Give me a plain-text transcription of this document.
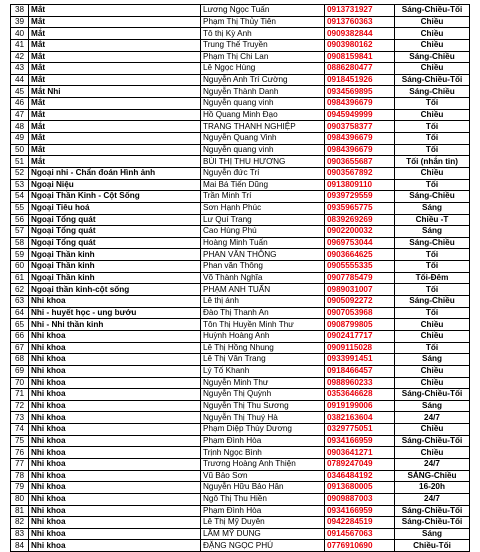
38	Mắt	Lương Ngọc Tuấn	0913731927	Sáng-Chiều-Tối
39	Mắt	Phạm Thị Thủy Tiên	0913760363	Chiều
40	Mắt	Tô thị Kỳ Anh	0909382844	Chiều
41	Mắt	Trung Thế Truyền	0903980162	Chiều
42	Mắt	Phạm Thị Chi Lan	0908159841	Sáng-Chiều
43	Mắt	Lê Ngọc Hùng	0886280477	Chiều
44	Mắt	Nguyễn Anh Trí Cường	0918451926	Sáng-Chiều-Tối
45	Mắt Nhi	Nguyễn Thành Danh	0934569895	Sáng-Chiều
46	Mắt	Nguyễn quang vinh	0984396679	Tối
47	Mắt	Hồ Quang Minh Đạo	0945949999	Chiều
48	Mắt	TRANG THANH NGHIỆP	0903758377	Tối
49	Mắt	Nguyễn Quang Vinh	0984396679	Tối
50	Mắt	Nguyễn quang vinh	0984396679	Tối
51	Mắt	BÙI THỊ THU HƯƠNG	0903655687	Tối (nhắn tin)
52	Ngoại nhi - Chẩn đoán Hình ảnh	Nguyễn đức Trí	0903567892	Chiều
53	Ngoại Niệu	Mai Bá Tiến Dũng	0913809110	Tối
54	Ngoại Thần Kinh - Cột Sống	Trần Minh Trí	0939729559	Sáng-Chiều
55	Ngoại Tiêu hoá	Sơn Hạnh Phúc	0935965775	Sáng
56	Ngoại Tổng quát	Lư Quí Trang	0839269269	Chiều -T
57	Ngoại Tổng quát	Cao Hùng Phú	0902200032	Sáng
58	Ngoại Tổng quát	Hoàng Minh Tuấn	0969753044	Sáng-Chiều
59	Ngoại Thần kinh	PHAN VĂN THÔNG	0903664625	Tối
60	Ngoại Thần kinh	Phan văn Thông	0905555335	Tối
61	Ngoại Thần kinh	Võ Thành Nghĩa	0907785479	Tối-Đêm
62	Ngoại thần kinh-cột sống	PHẠM ANH TUẤN	0989031007	Tối
63	Nhi khoa	Lê thị ánh	0905092272	Sáng-Chiều
64	Nhi - huyết học - ung bướu	Đào Thị Thanh An	0907053968	Tối
65	Nhi - Nhi thần kinh	Tôn Thị Huyền Minh Thư	0908799805	Chiều
66	Nhi khoa	Huỳnh Hoàng Anh	0902417717	Chiều
67	Nhi khoa	Lê Thị Hồng Nhung	0909115028	Tối
68	Nhi khoa	Lê Thị Vân Trang	0933991451	Sáng
69	Nhi khoa	Lý Tố Khanh	0918466457	Chiều
70	Nhi khoa	Nguyễn Minh Thư	0988960233	Chiều
71	Nhi khoa	Nguyễn Thị Quỳnh	0353646628	Sáng-Chiều-Tối
72	Nhi khoa	Nguyễn Thị Thu Sương	0919199006	Sáng
73	Nhi khoa	Nguyễn Thị Thuý Hà	0382163604	24/7
74	Nhi khoa	Phạm Diệp Thùy Dương	0329775051	Chiều
75	Nhi khoa	Phạm Đình Hòa	0934166959	Sáng-Chiều-Tối
76	Nhi khoa	Trịnh Ngọc Bình	0903641271	Chiều
77	Nhi khoa	Trương Hoàng Anh Thiện	0789247049	24/7
78	Nhi khoa	Vũ Bảo Sơn	0346484192	SÁNG-Chiều
79	Nhi khoa	Nguyễn Hữu Bảo Hân	0913680005	16-20h
80	Nhi khoa	Ngô Thị Thu Hiền	0909887003	24/7
81	Nhi khoa	Phạm Đình Hòa	0934166959	Sáng-Chiều-Tối
82	Nhi khoa	Lê Thị Mỹ Duyên	0942284519	Sáng-Chiều-Tối
83	Nhi khoa	LÂM MỸ DUNG	0914567063	Sáng
84	Nhi khoa	ĐẶNG NGỌC PHÚ	0776910690	Chiều-Tối
